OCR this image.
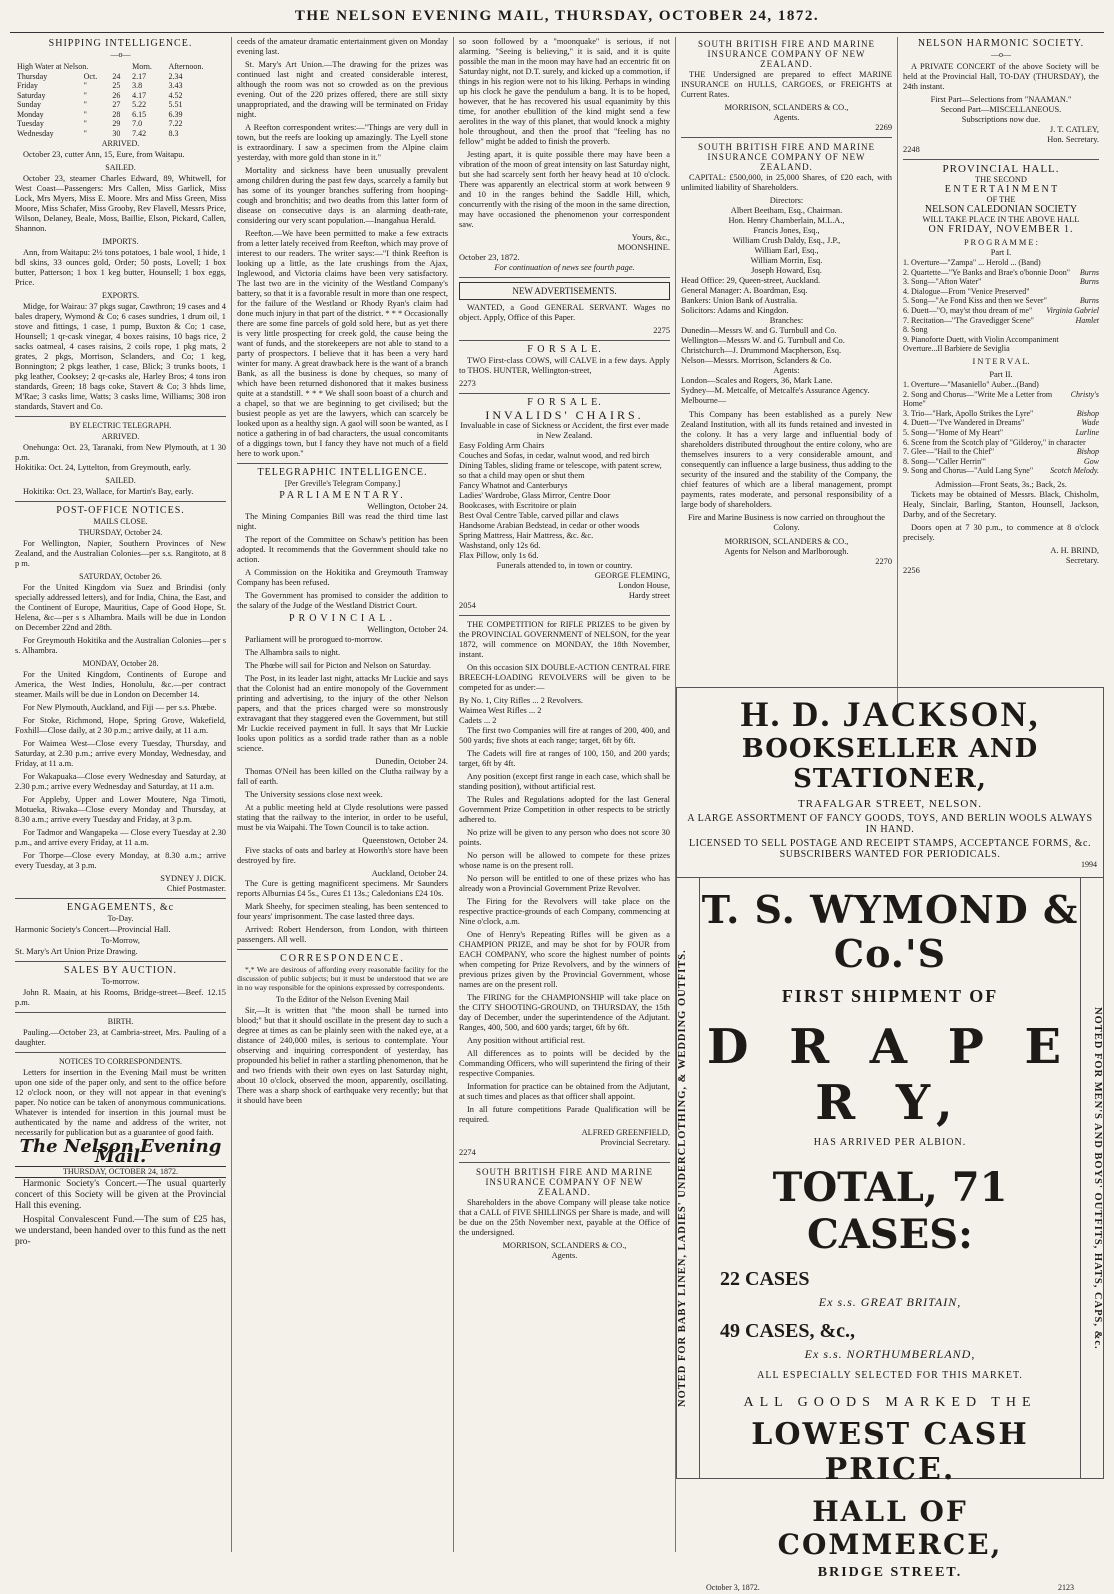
THE NELSON EVENING MAIL, THURSDAY, OCTOBER 24, 1872.
SHIPPING INTELLIGENCE.
—o—
High Water at Nelson.			Morn.	Afternoon.
Thursday	Oct.	24	2.17	2.34
Friday	"	25	3.8	3.43
Saturday	"	26	4.17	4.52
Sunday	"	27	5.22	5.51
Monday	"	28	6.15	6.39
Tuesday	"	29	7.0	7.22
Wednesday	"	30	7.42	8.3
ARRIVED.

October 23, cutter Ann, 15, Eure, from Waitapu.

SAILED.

October 23, steamer Charles Edward, 89, Whitwell, for West Coast—Passengers: Mrs Callen, Miss Garlick, Miss Lock, Mrs Myers, Miss E. Moore. Mrs and Miss Green, Miss Moore, Miss Schafer, Miss Grooby, Rev Flavell, Messrs Price, Wilson, Delaney, Beale, Moss, Baillie, Elson, Pickard, Callen, Shannon.

IMPORTS.

Ann, from Waitapu: 2½ tons potatoes, 1 bale wool, 1 hide, 1 bdl skins, 33 ounces gold, Order; 50 posts, Lovell; 1 box butter, Patterson; 1 box 1 keg butter, Hounsell; 1 box eggs, Price.

EXPORTS.

Midge, for Wairau: 37 pkgs sugar, Cawthron; 19 cases and 4 bales drapery, Wymond & Co; 6 cases sundries, 1 drum oil, 1 stove and fittings, 1 case, 1 pump, Buxton & Co; 1 case, Hounsell; 1 qr-cask vinegar, 4 boxes raisins, 10 bags rice, 2 sacks oatmeal, 4 cases raisins, 2 coils rope, 1 pkg mats, 2 grates, 2 pkgs, Morrison, Sclanders, and Co; 1 keg, Bonnington; 2 pkgs leather, 1 case, Blick; 3 trunks boots, 1 pkg leather, Cooksey; 2 qr-casks ale, Harley Bros; 4 tons iron standards, Green; 18 bags coke, Stavert & Co; 3 hhds lime, M'Rae; 3 casks lime, Watts; 3 casks lime, Williams; 308 iron standards, Stavert and Co.

BY ELECTRIC TELEGRAPH.
ARRIVED.

Onehunga: Oct. 23, Taranaki, from New Plymouth, at 1 30 p.m.
Hokitika: Oct. 24, Lyttelton, from Greymouth, early.

SAILED.

Hokitika: Oct. 23, Wallace, for Martin's Bay, early.

POST-OFFICE NOTICES.
MAILS CLOSE.
THURSDAY, October 24.

For Wellington, Napier, Southern Provinces of New Zealand, and the Australian Colonies—per s.s. Rangitoto, at 8 p m.

SATURDAY, October 26.

For the United Kingdom via Suez and Brindisi (only specially addressed letters), and for India, China, the East, and the Continent of Europe, Mauritius, Cape of Good Hope, St. Helena, &c—per s s Alhambra. Mails will be due in London on December 22nd and 28th.

For Greymouth Hokitika and the Australian Colonies—per s s. Alhambra.

MONDAY, October 28.

For the United Kingdom, Continents of Europe and America, the West Indies, Honolulu, &c.—per contract steamer. Mails will be due in London on December 14.

For New Plymouth, Auckland, and Fiji — per s.s. Phœbe.

For Stoke, Richmond, Hope, Spring Grove, Wakefield, Foxhill—Close daily, at 2 30 p.m.; arrive daily, at 11 a.m.

For Waimea West—Close every Tuesday, Thursday, and Saturday, at 2.30 p.m.; arrive every Monday, Wednesday, and Friday, at 11 a.m.

For Wakapuaka—Close every Wednesday and Saturday, at 2.30 p.m.; arrive every Wednesday and Saturday, at 11 a.m.

For Appleby, Upper and Lower Moutere, Nga Timoti, Motueka, Riwaka—Close every Monday and Thursday, at 8.30 a.m.; arrive every Tuesday and Friday, at 3 p.m.

For Tadmor and Wangapeka — Close every Tuesday at 2.30 p.m., and arrive every Friday, at 11 a.m.

For Thorpe—Close every Monday, at 8.30 a.m.; arrive every Tuesday, at 3 p.m.

SYDNEY J. DICK.
Chief Postmaster.
ENGAGEMENTS, &c
To-Day.
Harmonic Society's Concert—Provincial Hall.
To-Morrow,
St. Mary's Art Union Prize Drawing.
SALES BY AUCTION.
To-morrow.

John R. Maain, at his Rooms, Bridge-street—Beef. 12.15 p.m.

BIRTH.

Pauling.—October 23, at Cambria-street, Mrs. Pauling of a daughter.

NOTICES TO CORRESPONDENTS.

Letters for insertion in the Evening Mail must be written upon one side of the paper only, and sent to the office before 12 o'clock noon, or they will not appear in that evening's paper. No notice can be taken of anonymous communications. Whatever is intended for insertion in this journal must be authenticated by the name and address of the writer, not necessarily for publication but as a guarantee of good faith.

The Nelson Evening Mail.
THURSDAY, OCTOBER 24, 1872.

Harmonic Society's Concert.—The usual quarterly concert of this Society will be given at the Provincial Hall this evening.

Hospital Convalescent Fund.—The sum of £25 has, we understand, been handed over to this fund as the nett pro-

ceeds of the amateur dramatic entertainment given on Monday evening last.

St. Mary's Art Union.—The drawing for the prizes was continued last night and created considerable interest, although the room was not so crowded as on the previous evening. Out of the 220 prizes offered, there are still sixty unappropriated, and the drawing will be terminated on Friday night.

A Reefton correspondent writes:—"Things are very dull in town, but the reefs are looking up amazingly. The Lyell stone is extraordinary. I saw a specimen from the Alpine claim yesterday, with more gold than stone in it."

Mortality and sickness have been unusually prevalent among children during the past few days, scarcely a family but has some of its younger branches suffering from hooping-cough and bronchitis; and two deaths from this latter form of disease on consecutive days is an alarming death-rate, considering our very scant population.—Inangahua Herald.

Reefton.—We have been permitted to make a few extracts from a letter lately received from Reefton, which may prove of interest to our readers. The writer says:—"I think Reefton is looking up a little, as the late crushings from the Ajax, Inglewood, and Victoria claims have been very satisfactory. The last two are in the vicinity of the Westland Company's battery, so that it is a favorable result in more than one respect, for the failure of the Westland or Rhody Ryan's claim had done much injury in that part of the district. * * * Occasionally there are some fine parcels of gold sold here, but as yet there is very little prospecting for creek gold, the cause being the want of funds, and the storekeepers are not able to stand to a party of prospectors. I believe that it has been a very hard winter for many. A great drawback here is the want of a branch Bank, as all the business is done by cheques, so many of which have been returned dishonored that it makes business quite at a standstill. * * * We shall soon boast of a church and a chapel, so that we are beginning to get civilised; but the busiest people as yet are the lawyers, which can scarcely be looked upon as a healthy sign. A gaol will soon be wanted, as I notice a gathering in of bad characters, the usual concomitants of a diggings town, but I fancy they have not much of a field here to work upon."

TELEGRAPHIC INTELLIGENCE.
[Per Greville's Telegram Company.]
PARLIAMENTARY.
Wellington, October 24.

The Mining Companies Bill was read the third time last night.

The report of the Committee on Schaw's petition has been adopted. It recommends that the Government should take no action.

A Commission on the Hokitika and Greymouth Tramway Company has been refused.

The Government has promised to consider the addition to the salary of the Judge of the Westland District Court.

PROVINCIAL.
Wellington, October 24.

Parliament will be prorogued to-morrow.

The Alhambra sails to night.

The Phœbe will sail for Picton and Nelson on Saturday.

The Post, in its leader last night, attacks Mr Luckie and says that the Colonist had an entire monopoly of the Government printing and advertising, to the injury of the other Nelson papers, and that the prices charged were so monstrously extravagant that they staggered even the Government, but still Mr Luckie received payment in full. It says that Mr Luckie looks upon politics as a sordid trade rather than as a noble science.

Dunedin, October 24.

Thomas O'Neil has been killed on the Clutha railway by a fall of earth.

The University sessions close next week.

At a public meeting held at Clyde resolutions were passed stating that the railway to the interior, in order to be useful, must be via Waipahi. The Town Council is to take action.

Queenstown, October 24.

Five stacks of oats and barley at Howorth's store have been destroyed by fire.

Auckland, October 24.

The Cure is getting magnificent specimens. Mr Saunders reports Alburnias £4 5s., Cures £1 13s.; Caledonians £24 10s.

Mark Sheehy, for specimen stealing, has been sentenced to four years' imprisonment. The case lasted three days.

Arrived: Robert Henderson, from London, with thirteen passengers. All well.

CORRESPONDENCE.

*,* We are desirous of affording every reasonable facility for the discussion of public subjects; but it must be understood that we are in no way responsible for the opinions expressed by correspondents.

To the Editor of the Nelson Evening Mail

Sir,—It is written that "the moon shall be turned into blood;" but that it should oscillate in the present day to such a degree at times as can be plainly seen with the naked eye, at a distance of 240,000 miles, is serious to contemplate. Your observing and inquiring correspondent of yesterday, has propounded his belief in rather a startling phenomenon, that he and two friends with their own eyes on last Saturday night, about 10 o'clock, observed the moon, apparently, oscillating. There was a sharp shock of earthquake very recently; but that it should have been

so soon followed by a "moonquake" is serious, if not alarming. "Seeing is believing," it is said, and it is quite possible the man in the moon may have had an eccentric fit on Saturday night, not D.T. surely, and kicked up a commotion, if things in his region were not to his liking. Perhaps in winding up his clock he gave the pendulum a bang. It is to be hoped, however, that he has recovered his usual equanimity by this time, for another ebullition of the kind might send a few aerolites in the way of this planet, that would knock a mighty hole throughout, and then the proof that "feeling has no fellow" might be added to finish the proverb.

Jesting apart, it is quite possible there may have been a vibration of the moon of great intensity on last Saturday night, but she had scarcely sent forth her heavy head at 10 o'clock. There was apparently an electrical storm at work between 9 and 10 in the ranges behind the Saddle Hill, which, concurrently with the rising of the moon in the same direction, may have occasioned the phenomenon your correspondent saw.

Yours, &c.,
MOONSHINE.
October 23, 1872.
For continuation of news see fourth page.
NEW ADVERTISEMENTS.

WANTED, a Good GENERAL SERVANT. Wages no object. Apply, Office of this Paper.

2275
F O R S A L E.

TWO First-class COWS, will CALVE in a few days. Apply to THOS. HUNTER, Wellington-street,

2273
F O R S A L E.
INVALIDS' CHAIRS.
Invaluable in case of Sickness or Accident, the first ever made in New Zealand.
Easy Folding Arm Chairs
Couches and Sofas, in cedar, walnut wood, and red birch
Dining Tables, sliding frame or telescope, with patent screw, so that a child may open or shut them
Fancy Whatnot and Canterburys
Ladies' Wardrobe, Glass Mirror, Centre Door
Bookcases, with Escritoire or plain
Best Oval Centre Table, carved pillar and claws
Handsome Arabian Bedstead, in cedar or other woods
Spring Mattress, Hair Mattress, &c. &c.
Washstand, only 12s 6d.
Flax Pillow, only 1s 6d.
Funerals attended to, in town or country.
GEORGE FLEMING,
London House,
Hardy street
2054

THE COMPETITION for RIFLE PRIZES to be given by the PROVINCIAL GOVERNMENT of NELSON, for the year 1872, will commence on MONDAY, the 18th November, instant.

On this occasion SIX DOUBLE-ACTION CENTRAL FIRE BREECH-LOADING REVOLVERS will be given to be competed for as under:—

By No. 1, City Rifles ... 2 Revolvers.
Waimea West Rifles ... 2
Cadets ... 2

The first two Companies will fire at ranges of 200, 400, and 500 yards; five shots at each range; target, 6ft by 6ft.

The Cadets will fire at ranges of 100, 150, and 200 yards; target, 6ft by 4ft.

Any position (except first range in each case, which shall be standing position), without artificial rest.

The Rules and Regulations adopted for the last General Government Prize Competition in other respects to be strictly adhered to.

No prize will be given to any person who does not score 30 points.

No person will be allowed to compete for these prizes whose name is on the present roll.

No person will be entitled to one of these prizes who has already won a Provincial Government Prize Revolver.

The Firing for the Revolvers will take place on the respective practice-grounds of each Company, commencing at Nine o'clock, a.m.

One of Henry's Repeating Rifles will be given as a CHAMPION PRIZE, and may be shot for by FOUR from EACH COMPANY, who score the highest number of points when competing for Prize Revolvers, and by the winners of previous prizes given by the Provincial Government, whose names are on the present roll.

The FIRING for the CHAMPIONSHIP will take place on the CITY SHOOTING-GROUND, on THURSDAY, the 15th day of December, under the superintendence of the Adjutant. Ranges, 400, 500, and 600 yards; target, 6ft by 6ft.

Any position without artificial rest.

All differences as to points will be decided by the Commanding Officers, who will superintend the firing of their respective Companies.

Information for practice can be obtained from the Adjutant, at such times and places as that officer shall appoint.

In all future competitions Parade Qualification will be required.

ALFRED GREENFIELD,
Provincial Secretary.
2274
SOUTH BRITISH FIRE AND MARINE INSURANCE COMPANY OF NEW ZEALAND.

Shareholders in the above Company will please take notice that a CALL of FIVE SHILLINGS per Share is made, and will be due on the 25th November next, payable at the Office of the undersigned.

MORRISON, SCLANDERS & CO.,
Agents.
SOUTH BRITISH FIRE AND MARINE INSURANCE COMPANY OF NEW ZEALAND.

THE Undersigned are prepared to effect MARINE INSURANCE on HULLS, CARGOES, or FREIGHTS at Current Rates.

MORRISON, SCLANDERS & CO.,
Agents.
2269
SOUTH BRITISH FIRE AND MARINE INSURANCE COMPANY OF NEW ZEALAND.

CAPITAL: £500,000, in 25,000 Shares, of £20 each, with unlimited liability of Shareholders.

Directors:
Albert Beetham, Esq., Chairman.
Hon. Henry Chamberlain, M.L.A.,
Francis Jones, Esq.,
William Crush Daldy, Esq., J.P.,
William Earl, Esq.,
William Morrin, Esq.
Joseph Howard, Esq.
Head Office: 29, Queen-street, Auckland.
General Manager: A. Boardman, Esq.
Bankers: Union Bank of Australia.
Solicitors: Adams and Kingdon.
Branches:
Dunedin—Messrs W. and G. Turnbull and Co.
Wellington—Messrs W. and G. Turnbull and Co.
Christchurch—J. Drummond Macpherson, Esq.
Nelson—Messrs. Morrison, Sclanders & Co.
Agents:
London—Scales and Rogers, 36, Mark Lane.
Sydney—M. Metcalfe, of Metcalfe's Assurance Agency.
Melbourne—

This Company has been established as a purely New Zealand Institution, with all its funds retained and invested in the colony. It has a very large and influential body of shareholders distributed throughout the entire colony, who are themselves insurers to a very considerable amount, and consequently can influence a large business, thus adding to the security of the insured and the stability of the Company, the chief features of which are a liberal management, prompt payments, rates moderate, and personal responsibility of a large body of shareholders.

Fire and Marine Business is now carried on throughout the Colony.
MORRISON, SCLANDERS & CO.,
Agents for Nelson and Marlborough.
2270
NELSON HARMONIC SOCIETY.
—o—

A PRIVATE CONCERT of the above Society will be held at the Provincial Hall, TO-DAY (THURSDAY), the 24th instant.

First Part—Selections from "NAAMAN."
Second Part—MISCELLANEOUS.
Subscriptions now due.
J. T. CATLEY,
Hon. Secretary.
2248
PROVINCIAL HALL.
THE SECOND
E N T E R T A I N M E N T
OF THE
NELSON CALEDONIAN SOCIETY
WILL TAKE PLACE IN THE ABOVE HALL
ON FRIDAY, NOVEMBER 1.
P R O G R A M M E :
Part I.
1. Overture—"Zampa" ... Herold ... (Band)
2. Quartette—"Ye Banks and Brae's o'bonnie Doon" Burns
3. Song—"Afton Water"	Burns
4. Dialogue—From "Venice Preserved"
5. Song—"Ae Fond Kiss and then we Sever"	Burns
6. Duett—"O, may'st thou dream of me" Virginia Gabriel
7. Recitation—"The Gravedigger Scene"	Hamlet
8. Song
9. Pianoforte Duett, with Violin Accompaniment Overture...Il Barbiere de Seviglia
I N T E R V A L.
Part II.
1. Overture—"Masaniello" Auber...(Band)
2. Song and Chorus—"Write Me a Letter from Home"
Christy's
3. Trio—"Hark, Apollo Strikes the Lyre"	Bishop
4. Duett—"I've Wandered in Dreams"	Wade
5. Song—"Home of My Heart"	Lurline
6. Scene from the Scotch play of "Gilderoy," in character
7. Glee—"Hail to the Chief"	Bishop
8. Song—"Caller Herrin'"	Gow
9. Song and Chorus—"Auld Lang Syne" Scotch Melody.
Admission—Front Seats, 3s.; Back, 2s.

Tickets may be obtained of Messrs. Black, Chisholm, Healy, Sinclair, Barling, Stanton, Hounsell, Jackson, Darby, and of the Secretary.

Doors open at 7 30 p.m., to commence at 8 o'clock precisely.

A. H. BRIND,
Secretary.
2256
H. D. JACKSON,
BOOKSELLER AND STATIONER,
TRAFALGAR STREET, NELSON.
A LARGE ASSORTMENT OF FANCY GOODS, TOYS, AND BERLIN WOOLS ALWAYS IN HAND.
LICENSED TO SELL POSTAGE AND RECEIPT STAMPS, ACCEPTANCE FORMS, &c. SUBSCRIBERS WANTED FOR PERIODICALS.
1994
NOTED FOR BABY LINEN, LADIES' UNDERCLOTHING, & WEDDING OUTFITS.
T. S. WYMOND & Co.'S
FIRST SHIPMENT OF
D R A P E R Y,
HAS ARRIVED PER ALBION.
TOTAL, 71 CASES:
22 CASES
Ex s.s. GREAT BRITAIN,
49 CASES, &c.,
Ex s.s. NORTHUMBERLAND,
ALL ESPECIALLY SELECTED FOR THIS MARKET.
ALL GOODS MARKED THE
LOWEST CASH PRICE.
HALL OF COMMERCE,
BRIDGE STREET.
October 3, 1872.	2123
NOTED FOR MEN'S AND BOYS' OUTFITS, HATS, CAPS, &c.
